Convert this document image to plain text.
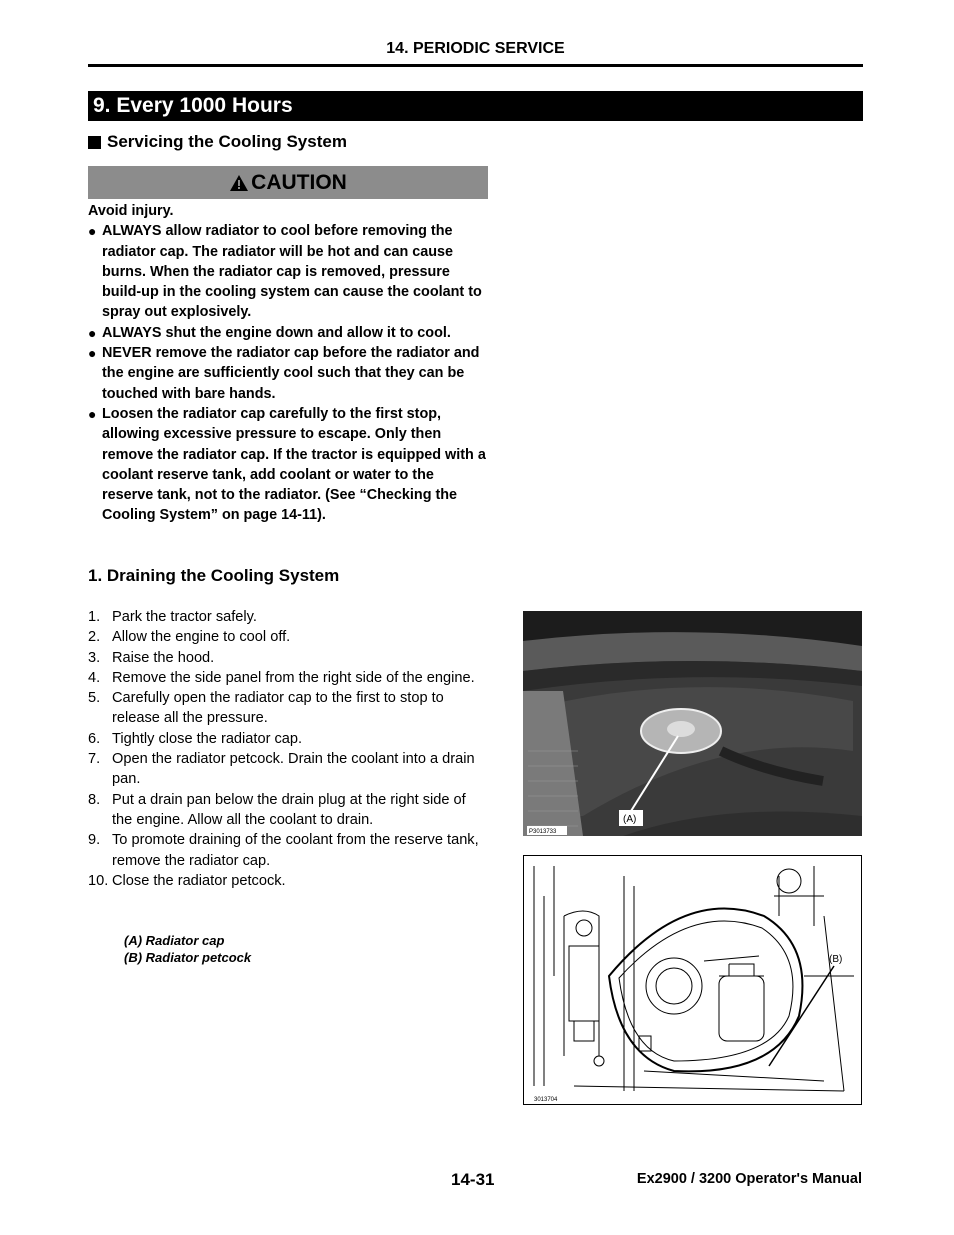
14. PERIODIC SERVICE
9. Every 1000 Hours
Servicing the Cooling System
CAUTION
Avoid injury.
● ALWAYS allow radiator to cool before removing the radiator cap. The radiator will be hot and can cause burns. When the radiator cap is removed, pressure build-up in the cooling system can cause the coolant to spray out explosively.
● ALWAYS shut the engine down and allow it to cool.
● NEVER remove the radiator cap before the radiator and the engine are sufficiently cool such that they can be touched with bare hands.
● Loosen the radiator cap carefully to the first stop, allowing excessive pressure to escape. Only then remove the radiator cap. If the tractor is equipped with a coolant reserve tank, add coolant or water to the reserve tank, not to the radiator. (See “Checking the Cooling System” on page 14-11).
1. Draining the Cooling System
1. Park the tractor safely.
2. Allow the engine to cool off.
3. Raise the hood.
4. Remove the side panel from the right side of the engine.
5. Carefully open the radiator cap to the first to stop to release all the pressure.
6. Tightly close the radiator cap.
7. Open the radiator petcock. Drain the coolant into a drain pan.
8. Put a drain pan below the drain plug at the right side of the engine. Allow all the coolant to drain.
9. To promote draining of the coolant from the reserve tank, remove the radiator cap.
10. Close the radiator petcock.
(A) Radiator cap
(B) Radiator petcock
(A)
P3013733
(B)
3013704
14-31	Ex2900 / 3200 Operator's Manual
